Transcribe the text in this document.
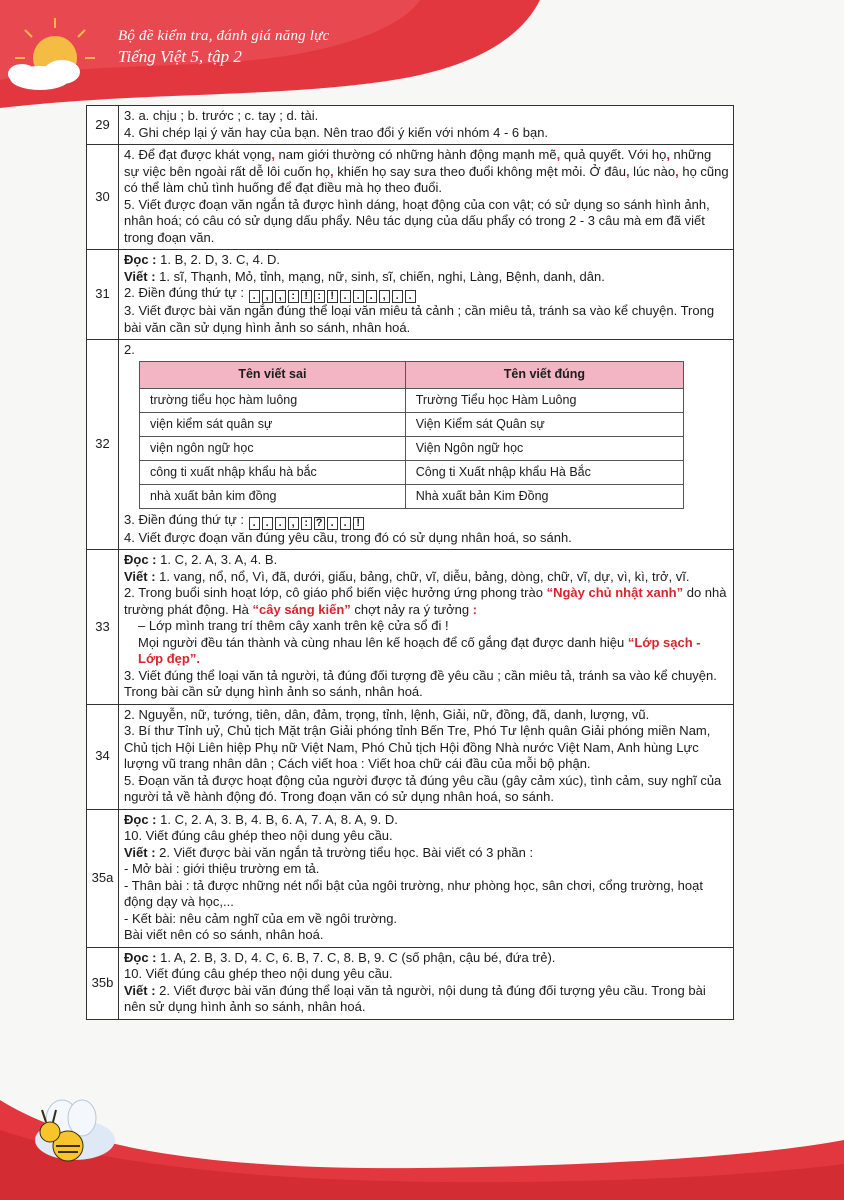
Bộ đề kiểm tra, đánh giá năng lực
Tiếng Việt 5, tập 2
29	
3. a. chịu ; b. trước ; c. tay ; d. tài.
4. Ghi chép lại ý văn hay của bạn. Nên trao đổi ý kiến với nhóm 4 - 6 bạn.

30	
4. Để đạt được khát vọng, nam giới thường có những hành động mạnh mẽ, quả quyết. Với họ, những sự việc bên ngoài rất dễ lôi cuốn họ, khiến họ say sưa theo đuổi không mệt mỏi. Ở đâu, lúc nào, họ cũng có thể làm chủ tình huống để đạt điều mà họ theo đuổi.
5. Viết được đoạn văn ngắn tả được hình dáng, hoạt động của con vật; có sử dụng so sánh hình ảnh, nhân hoá; có câu có sử dụng dấu phẩy. Nêu tác dụng của dấu phẩy có trong 2 - 3 câu mà em đã viết trong đoạn văn.

31	
Đọc : 1. B, 2. D, 3. C, 4. D.
Viết : 1. sĩ, Thạnh, Mỏ, tỉnh, mạng, nữ, sinh, sĩ, chiến, nghi, Làng, Bệnh, danh, dân.
2. Điền đúng thứ tự : . , , : ! : ! . . . , . .
3. Viết được bài văn ngắn đúng thể loại văn miêu tả cảnh ; cần miêu tả, tránh sa vào kể chuyện. Trong bài văn cần sử dụng hình ảnh so sánh, nhân hoá.

32	
2.
Tên viết sai	Tên viết đúng
trường tiểu học hàm luông	Trường Tiểu học Hàm Luông
viện kiểm sát quân sự	Viện Kiểm sát Quân sự
viện ngôn ngữ học	Viện Ngôn ngữ học
công ti xuất nhập khẩu hà bắc	Công ti Xuất nhập khẩu Hà Bắc
nhà xuất bản kim đồng	Nhà xuất bản Kim Đồng
3. Điền đúng thứ tự : . . . , : ? . . !
4. Viết được đoạn văn đúng yêu cầu, trong đó có sử dụng nhân hoá, so sánh.

33	
Đọc : 1. C, 2. A, 3. A, 4. B.
Viết : 1. vang, nổ, nổ, Vì, đã, dưới, giấu, bảng, chữ, vĩ, diễu, bảng, dòng, chữ, vĩ, dự, vì, kì, trở, vĩ.
2. Trong buổi sinh hoạt lớp, cô giáo phổ biến việc hưởng ứng phong trào “Ngày chủ nhật xanh” do nhà trường phát động. Hà “cây sáng kiến” chợt nảy ra ý tưởng :
– Lớp mình trang trí thêm cây xanh trên kệ cửa sổ đi !
Mọi người đều tán thành và cùng nhau lên kế hoạch để cố gắng đạt được danh hiệu “Lớp sạch - Lớp đẹp”.
3. Viết đúng thể loại văn tả người, tả đúng đối tượng đề yêu cầu ; cần miêu tả, tránh sa vào kể chuyện. Trong bài cần sử dụng hình ảnh so sánh, nhân hoá.

34	
2. Nguyễn, nữ, tướng, tiên, dân, đảm, trọng, tỉnh, lệnh, Giải, nữ, đồng, đã, danh, lượng, vũ.
3. Bí thư Tỉnh uỷ, Chủ tịch Mặt trận Giải phóng tỉnh Bến Tre, Phó Tư lệnh quân Giải phóng miền Nam, Chủ tịch Hội Liên hiệp Phụ nữ Việt Nam, Phó Chủ tịch Hội đồng Nhà nước Việt Nam, Anh hùng Lực lượng vũ trang nhân dân ; Cách viết hoa : Viết hoa chữ cái đầu của mỗi bộ phận.
5. Đoạn văn tả được hoạt động của người được tả đúng yêu cầu (gây cảm xúc), tình cảm, suy nghĩ của người tả về hành động đó. Trong đoạn văn có sử dụng nhân hoá, so sánh.

35a	
Đọc : 1. C, 2. A, 3. B, 4. B, 6. A, 7. A, 8. A, 9. D.
10. Viết đúng câu ghép theo nội dung yêu cầu.
Viết : 2. Viết được bài văn ngắn tả trường tiểu học. Bài viết có 3 phần :
- Mở bài : giới thiệu trường em tả.
- Thân bài : tả được những nét nổi bật của ngôi trường, như phòng học, sân chơi, cổng trường, hoạt động dạy và học,...
- Kết bài: nêu cảm nghĩ của em về ngôi trường.
Bài viết nên có so sánh, nhân hoá.

35b	
Đọc : 1. A, 2. B, 3. D, 4. C, 6. B, 7. C, 8. B, 9. C (số phận, cậu bé, đứa trẻ).
10. Viết đúng câu ghép theo nội dung yêu cầu.
Viết : 2. Viết được bài văn đúng thể loại văn tả người, nội dung tả đúng đối tượng yêu cầu. Trong bài nên sử dụng hình ảnh so sánh, nhân hoá.
